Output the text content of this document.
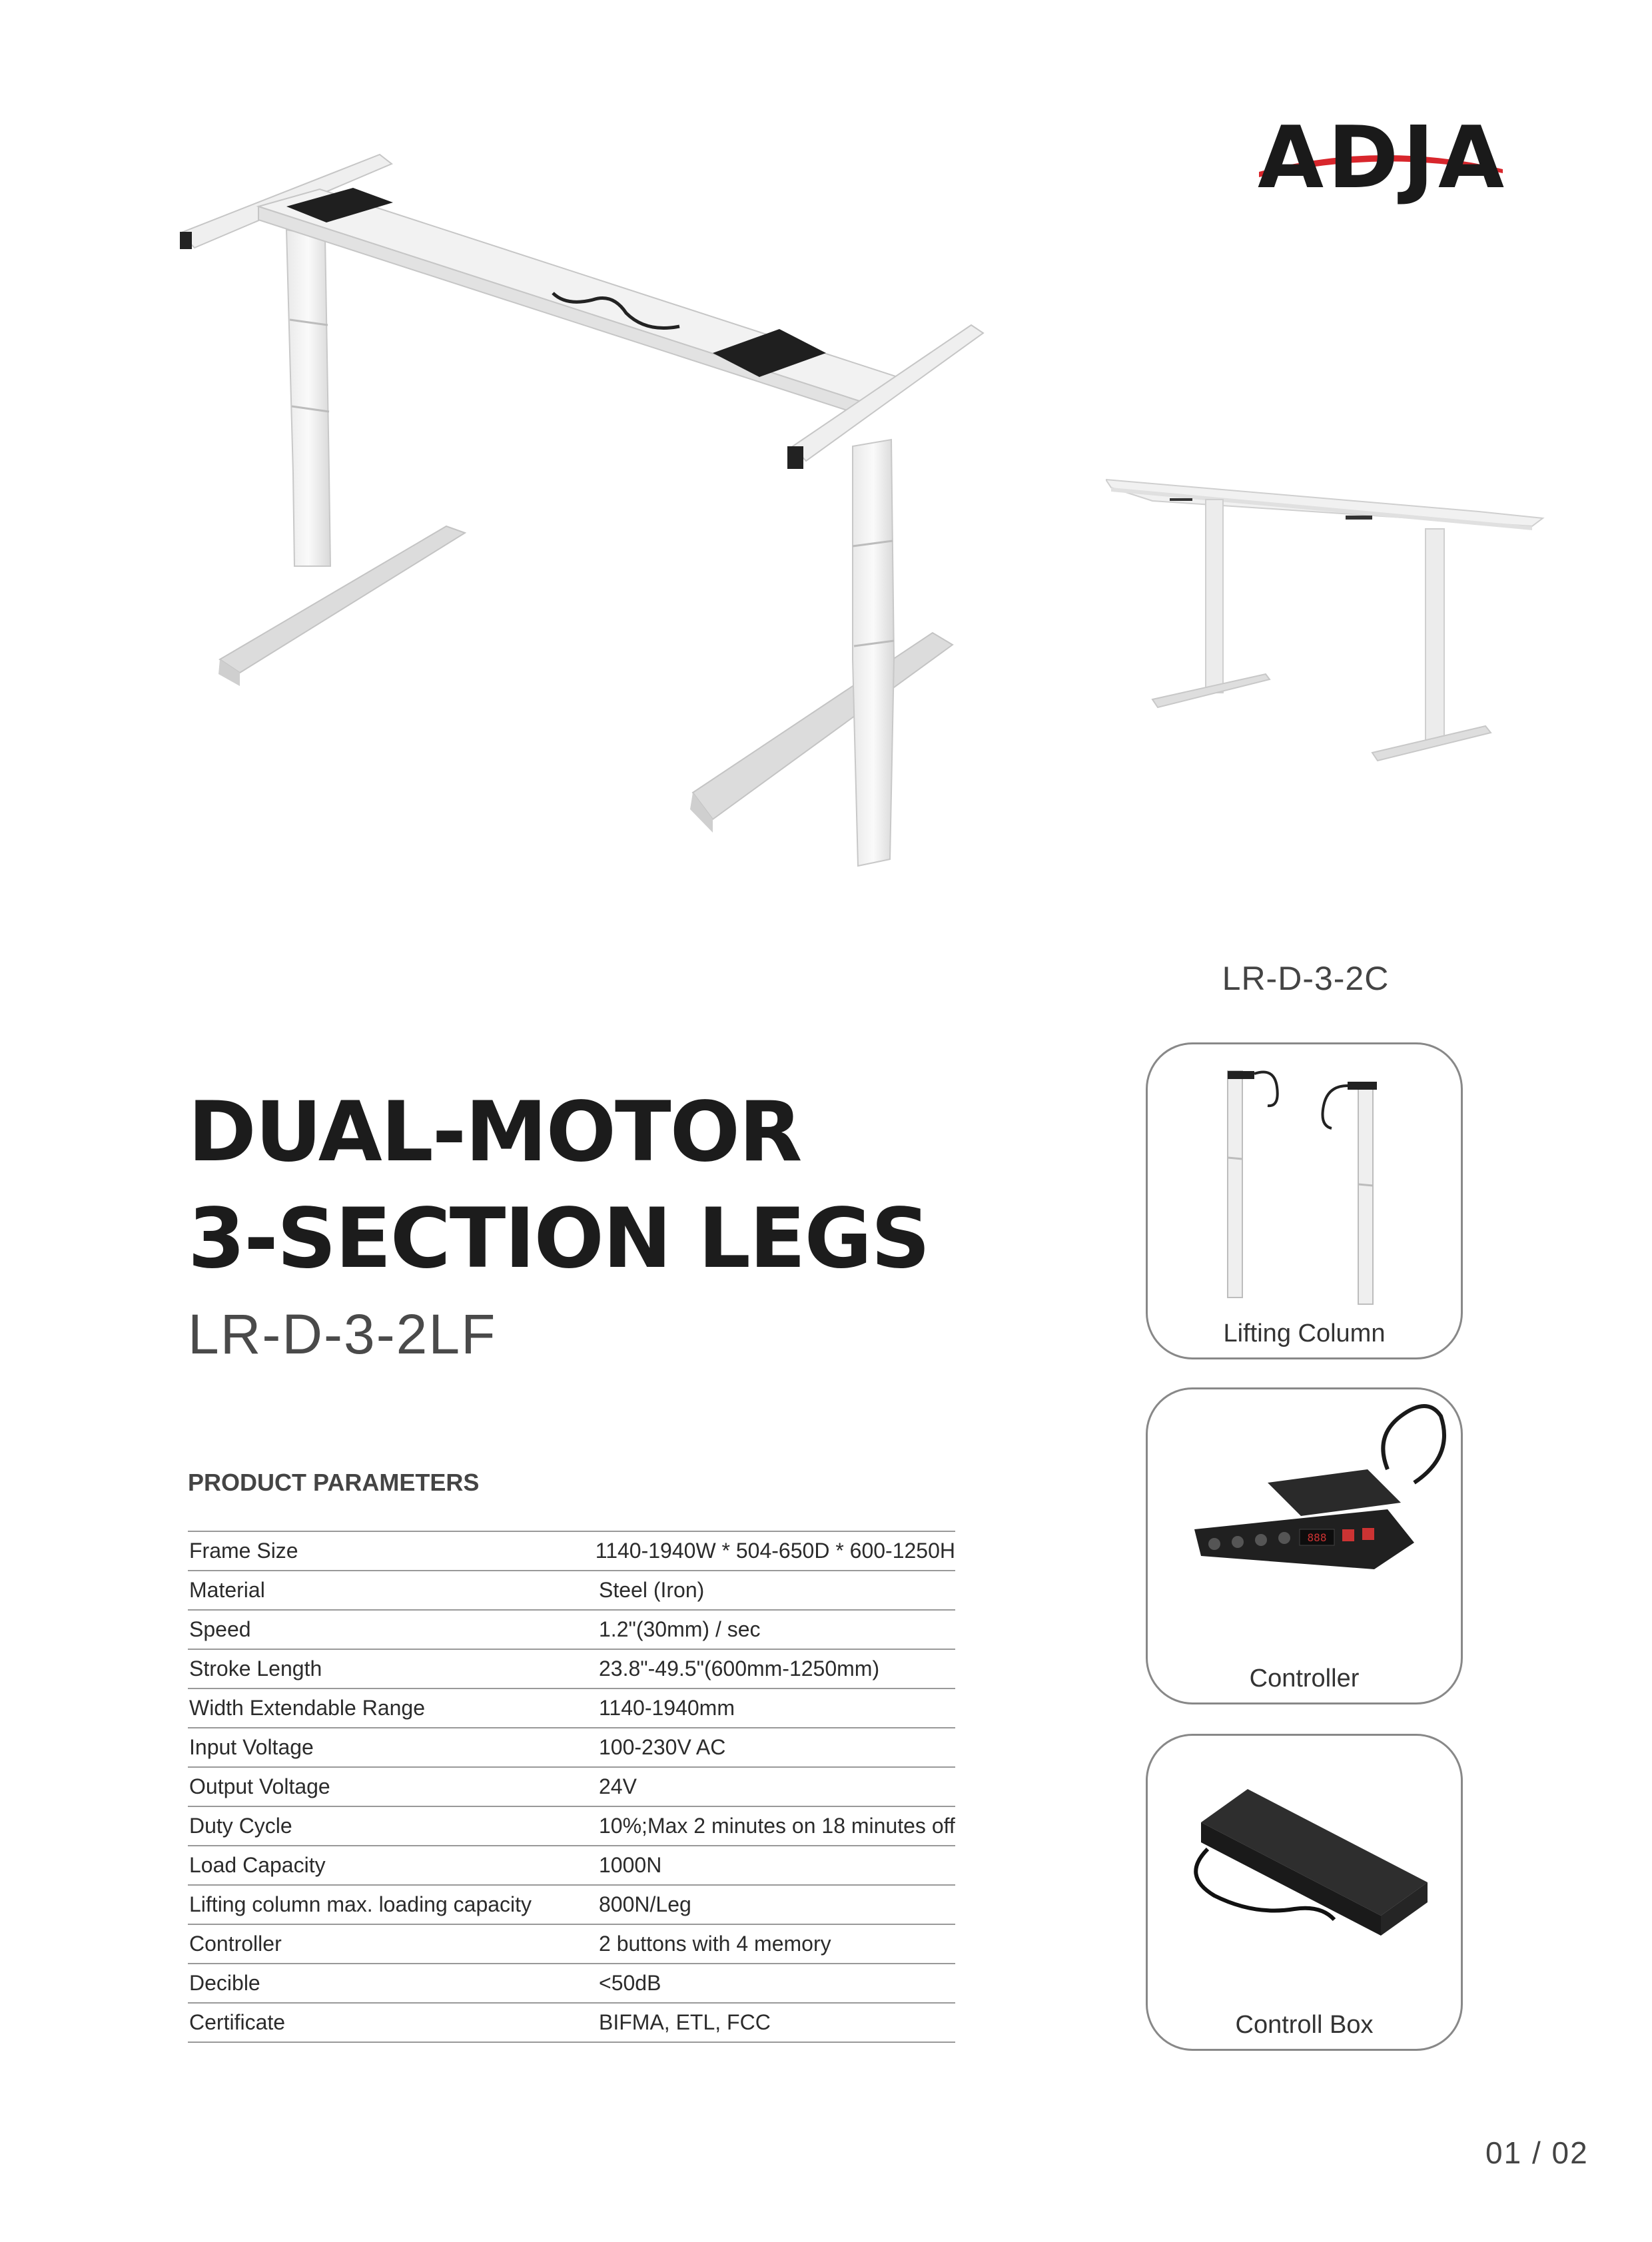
ADJA
LR-D-3-2C
DUAL-MOTOR
3-SECTION LEGS
LR-D-3-2LF
PRODUCT PARAMETERS
Frame Size	1140-1940W * 504-650D * 600-1250H
Material	Steel (Iron)
Speed	1.2"(30mm) / sec
Stroke Length	23.8"-49.5"(600mm-1250mm)
Width Extendable Range	1140-1940mm
Input Voltage	100-230V AC
Output Voltage	24V
Duty Cycle	10%;Max 2 minutes on 18 minutes off
Load Capacity	1000N
Lifting column max. loading capacity	800N/Leg
Controller	2 buttons with 4 memory
Decible	<50dB
Certificate	BIFMA, ETL, FCC
Lifting Column
888
Controller
Controll Box
01 / 02
